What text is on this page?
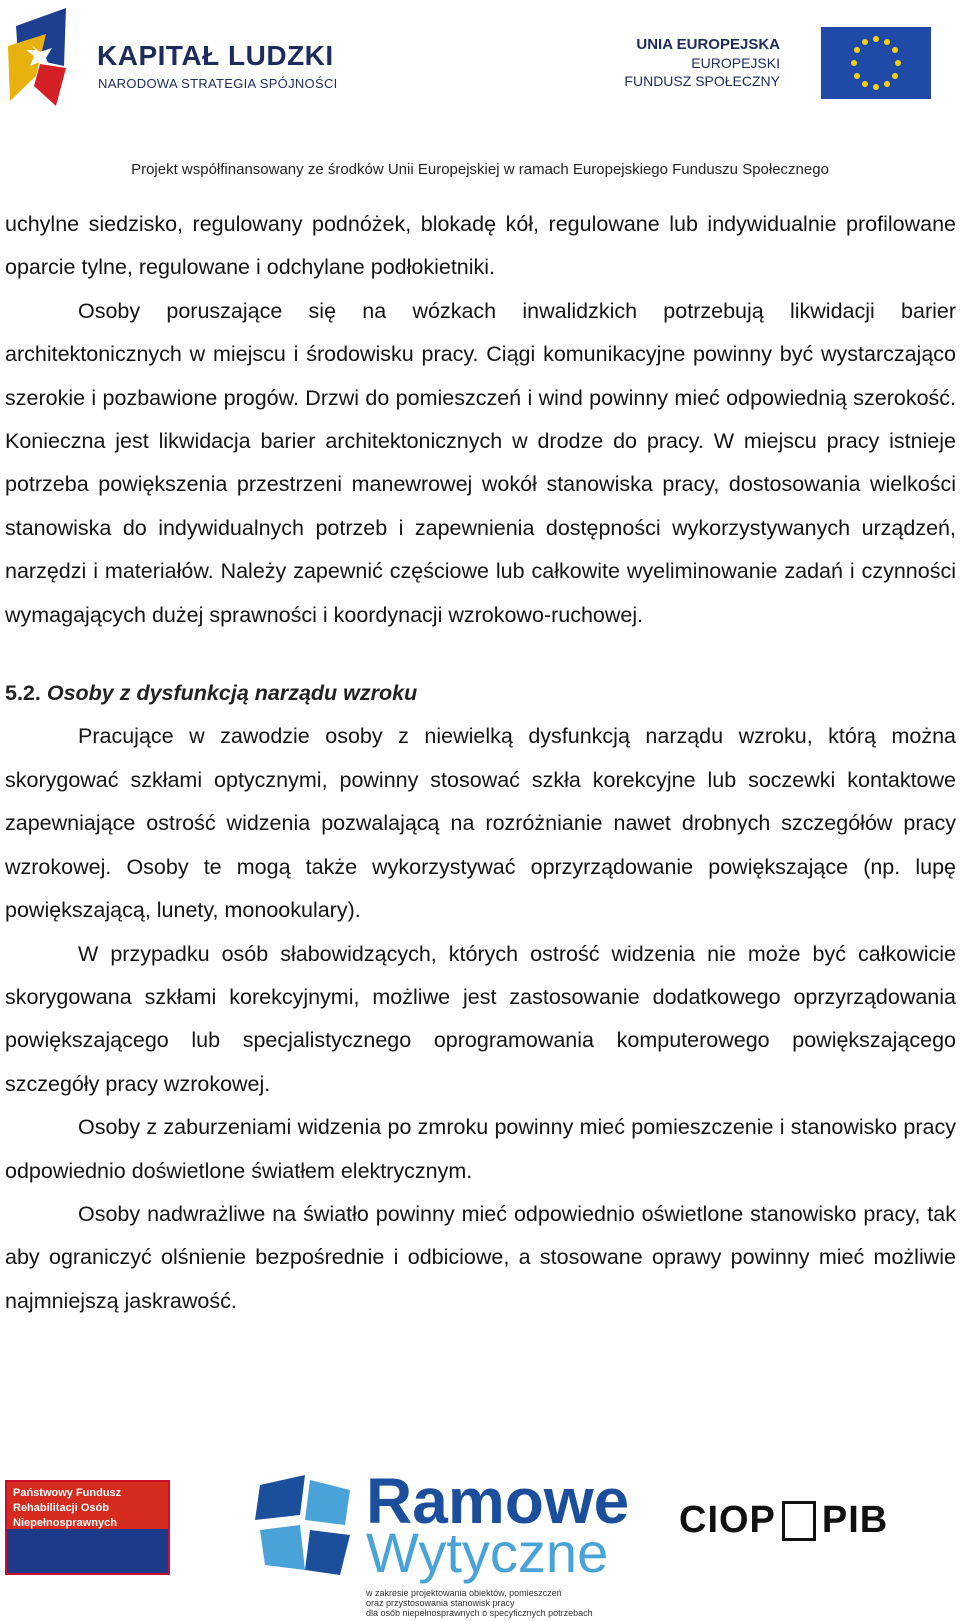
KAPITAŁ LUDZKI
NARODOWA STRATEGIA SPÓJNOŚCI
UNIA EUROPEJSKA
EUROPEJSKI
FUNDUSZ SPOŁECZNY
Projekt współfinansowany ze środków Unii Europejskiej w ramach Europejskiego Funduszu Społecznego

uchylne siedzisko, regulowany podnóżek, blokadę kół, regulowane lub indywidualnie profilowane oparcie tylne, regulowane i odchylane podłokietniki.

Osoby poruszające się na wózkach inwalidzkich potrzebują likwidacji barier architektonicznych w miejscu i środowisku pracy. Ciągi komunikacyjne powinny być wystarczająco szerokie i pozbawione progów. Drzwi do pomieszczeń i wind powinny mieć odpowiednią szerokość. Konieczna jest likwidacja barier architektonicznych w drodze do pracy. W miejscu pracy istnieje potrzeba powiększenia przestrzeni manewrowej wokół stanowiska pracy, dostosowania wielkości stanowiska do indywidualnych potrzeb i zapewnienia dostępności wykorzystywanych urządzeń, narzędzi i materiałów. Należy zapewnić częściowe lub całkowite wyeliminowanie zadań i czynności wymagających dużej sprawności i koordynacji wzrokowo-ruchowej.

5.2. Osoby z dysfunkcją narządu wzroku

Pracujące w zawodzie osoby z niewielką dysfunkcją narządu wzroku, którą można skorygować szkłami optycznymi, powinny stosować szkła korekcyjne lub soczewki kontaktowe zapewniające ostrość widzenia pozwalającą na rozróżnianie nawet drobnych szczegółów pracy wzrokowej. Osoby te mogą także wykorzystywać oprzyrządowanie powiększające (np. lupę powiększającą, lunety, monookulary).

W przypadku osób słabowidzących, których ostrość widzenia nie może być całkowicie skorygowana szkłami korekcyjnymi, możliwe jest zastosowanie dodatkowego oprzyrządowania powiększającego lub specjalistycznego oprogramowania komputerowego powiększającego szczegóły pracy wzrokowej.

Osoby z zaburzeniami widzenia po zmroku powinny mieć pomieszczenie i stanowisko pracy odpowiednio doświetlone światłem elektrycznym.

Osoby nadwrażliwe na światło powinny mieć odpowiednio oświetlone stanowisko pracy, tak aby ograniczyć olśnienie bezpośrednie i odbiciowe, a stosowane oprawy powinny mieć możliwie najmniejszą jaskrawość.

Państwowy Fundusz Rehabilitacji Osób Niepełnosprawnych	Ramowe
Wytyczne
w zakresie projektowania obiektów, pomieszczeń
oraz przystosowania stanowisk pracy
dla osób niepełnosprawnych o specyficznych potrzebach
CIOP PIB
